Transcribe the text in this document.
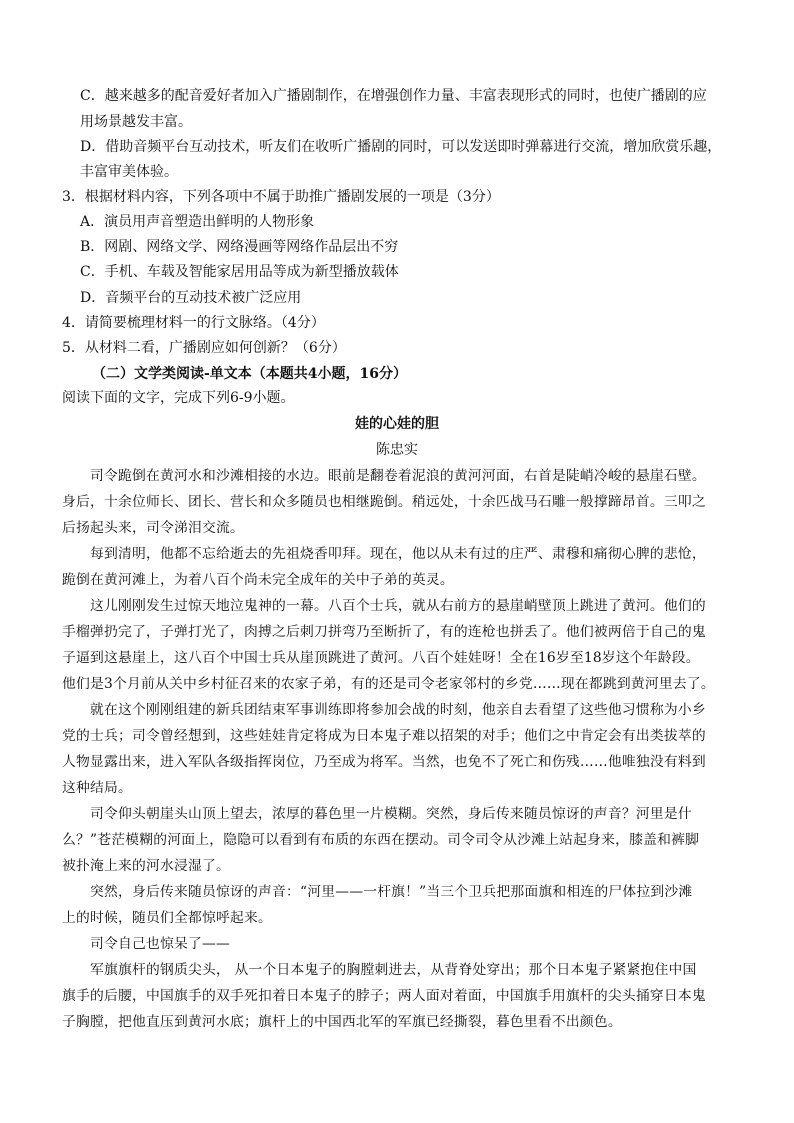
C．越来越多的配音爱好者加入广播剧制作，在增强创作力量、丰富表现形式的同时，也使广播剧的应
用场景越发丰富。
D．借助音频平台互动技术，听友们在收听广播剧的同时，可以发送即时弹幕进行交流，增加欣赏乐趣，
丰富审美体验。
3．根据材料内容，下列各项中不属于助推广播剧发展的一项是（3分）
A．演员用声音塑造出鲜明的人物形象
B．网剧、网络文学、网络漫画等网络作品层出不穷
C．手机、车载及智能家居用品等成为新型播放载体
D．音频平台的互动技术被广泛应用
4．请简要梳理材料一的行文脉络。（4分）
5．从材料二看，广播剧应如何创新？（6分）
（二）文学类阅读-单文本（本题共4小题，16分）
阅读下面的文字，完成下列6-9小题。
娃的心娃的胆
陈忠实
司令跪倒在黄河水和沙滩相接的水边。眼前是翻卷着泥浪的黄河河面，右首是陡峭冷峻的悬崖石壁。
身后，十余位师长、团长、营长和众多随员也相继跪倒。稍远处，十余匹战马石雕一般撑蹄昂首。三叩之
后扬起头来，司令涕泪交流。
每到清明，他都不忘给逝去的先祖烧香叩拜。现在，他以从未有过的庄严、肃穆和痛彻心脾的悲怆，
跪倒在黄河滩上，为着八百个尚未完全成年的关中子弟的英灵。
这儿刚刚发生过惊天地泣鬼神的一幕。八百个士兵，就从右前方的悬崖峭壁顶上跳进了黄河。他们的
手榴弹扔完了，子弹打光了，肉搏之后刺刀拼弯乃至断折了，有的连枪也拼丢了。他们被两倍于自己的鬼
子逼到这悬崖上，这八百个中国士兵从崖顶跳进了黄河。八百个娃娃呀！全在16岁至18岁这个年龄段。
他们是3个月前从关中乡村征召来的农家子弟，有的还是司令老家邻村的乡党……现在都跳到黄河里去了。
就在这个刚刚组建的新兵团结束军事训练即将参加会战的时刻，他亲自去看望了这些他习惯称为小乡
党的士兵；司令曾经想到，这些娃娃肯定将成为日本鬼子难以招架的对手；他们之中肯定会有出类拔萃的
人物显露出来，进入军队各级指挥岗位，乃至成为将军。当然，也免不了死亡和伤残……他唯独没有料到
这种结局。
司令仰头朝崖头山顶上望去，浓厚的暮色里一片模糊。突然，身后传来随员惊讶的声音？河里是什
么？”苍茫模糊的河面上，隐隐可以看到有布质的东西在摆动。司令司令从沙滩上站起身来，膝盖和裤脚
被扑淹上来的河水浸湿了。
突然，身后传来随员惊讶的声音：“河里——一杆旗！”当三个卫兵把那面旗和相连的尸体拉到沙滩
上的时候，随员们全都惊呼起来。
司令自己也惊呆了——
军旗旗杆的钢质尖头， 从一个日本鬼子的胸膛刺进去，从背脊处穿出；那个日本鬼子紧紧抱住中国
旗手的后腰，中国旗手的双手死扣着日本鬼子的脖子；两人面对着面，中国旗手用旗杆的尖头捅穿日本鬼
子胸膛，把他直压到黄河水底；旗杆上的中国西北军的军旗已经撕裂，暮色里看不出颜色。
